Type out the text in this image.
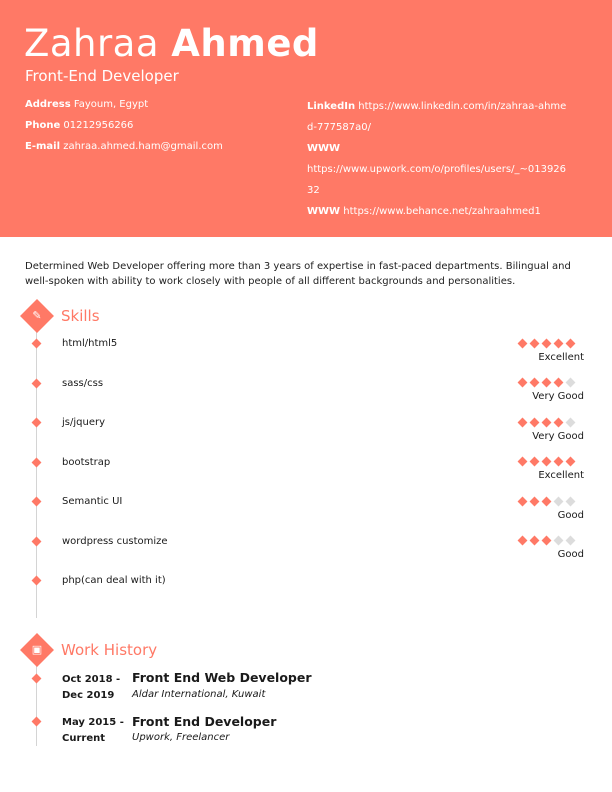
Zahraa Ahmed
Front-End Developer
Address Fayoum, Egypt
Phone 01212956266
E-mail zahraa.ahmed.ham@gmail.com
LinkedIn https://www.linkedin.com/in/zahraa-ahmed-777587a0/
WWW
https://www.upwork.com/o/profiles/users/_~01392632
WWW https://www.behance.net/zahraahmed1
Determined Web Developer offering more than 3 years of expertise in fast-paced departments. Bilingual and well-spoken with ability to work closely with people of all different backgrounds and personalities.
✎	Skills
html/html5
Excellent
sass/css
Very Good
js/jquery
Very Good
bootstrap
Excellent
Semantic UI
Good
wordpress customize
Good
php(can deal with it)
▣	Work History
Oct 2018 -
Dec 2019
Front End Web Developer
Aldar International, Kuwait
May 2015 -
Current
Front End Developer
Upwork, Freelancer
